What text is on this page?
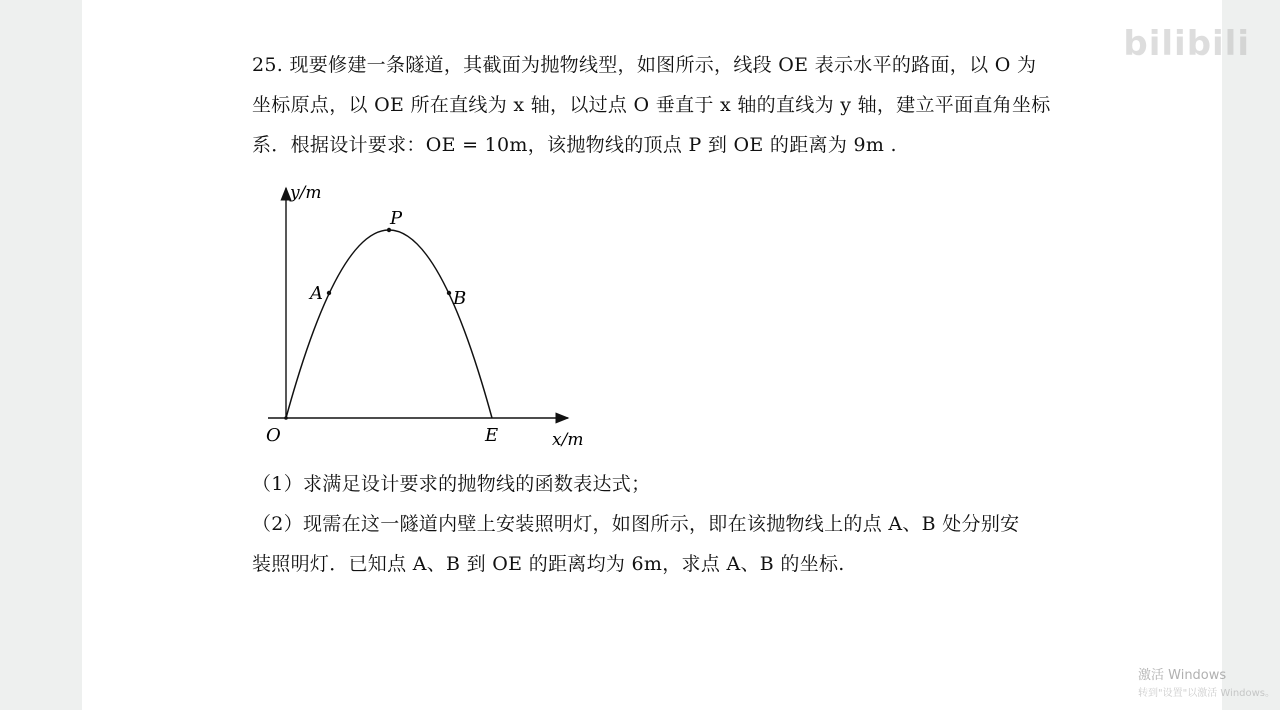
25. 现要修建一条隧道，其截面为抛物线型，如图所示，线段 OE 表示水平的路面，以 O 为
坐标原点，以 OE 所在直线为 x 轴，以过点 O 垂直于 x 轴的直线为 y 轴，建立平面直角坐标
系．根据设计要求：OE = 10m，该抛物线的顶点 P 到 OE 的距离为 9m .
y/m
x/m
O	E
P
A	B
（1）求满足设计要求的抛物线的函数表达式；
（2）现需在这一隧道内壁上安装照明灯，如图所示，即在该抛物线上的点 A、B 处分别安
装照明灯．已知点 A、B 到 OE 的距离均为 6m，求点 A、B 的坐标.
bilibili
激活 Windows
转到"设置"以激活 Windows。
